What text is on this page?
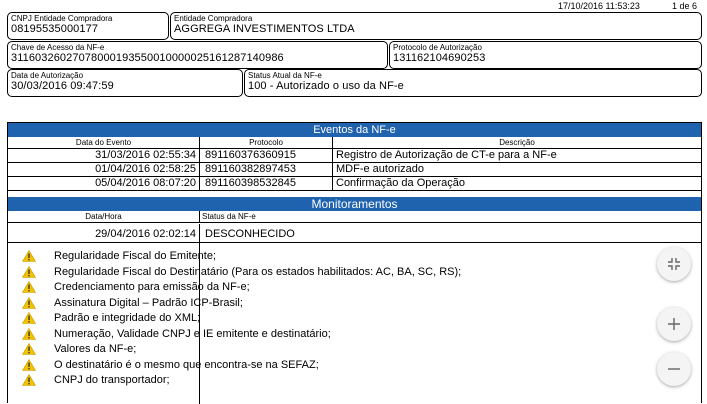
17/10/2016 11:53:23	1 de 6
CNPJ Entidade Compradora
08195535000177
Entidade Compradora
AGGREGA INVESTIMENTOS LTDA
Chave de Acesso da NF-e
31160326027078000193550010000025161287140986
Protocolo de Autorização
131162104690253
Data de Autorização
30/03/2016 09:47:59
Status Atual da NF-e
100 - Autorizado o uso da NF-e
Eventos da NF-e
Data do Evento	Protocolo	Descrição
31/03/2016 02:55:34 891160376360915	Registro de Autorização de CT-e para a NF-e
01/04/2016 02:58:25 891160382897453	MDF-e autorizado
05/04/2016 08:07:20 891160398532845	Confirmação da Operação
Monitoramentos
Data/Hora	Status da NF-e
29/04/2016 02:02:14 DESCONHECIDO
Regularidade Fiscal do Emitente;
Regularidade Fiscal do Destinatário (Para os estados habilitados: AC, BA, SC, RS);
Credenciamento para emissão da NF-e;
Assinatura Digital – Padrão ICP-Brasil;
Padrão e integridade do XML;
Numeração, Validade CNPJ e IE emitente e destinatário;
Valores da NF-e;
O destinatário é o mesmo que encontra-se na SEFAZ;
CNPJ do transportador;
